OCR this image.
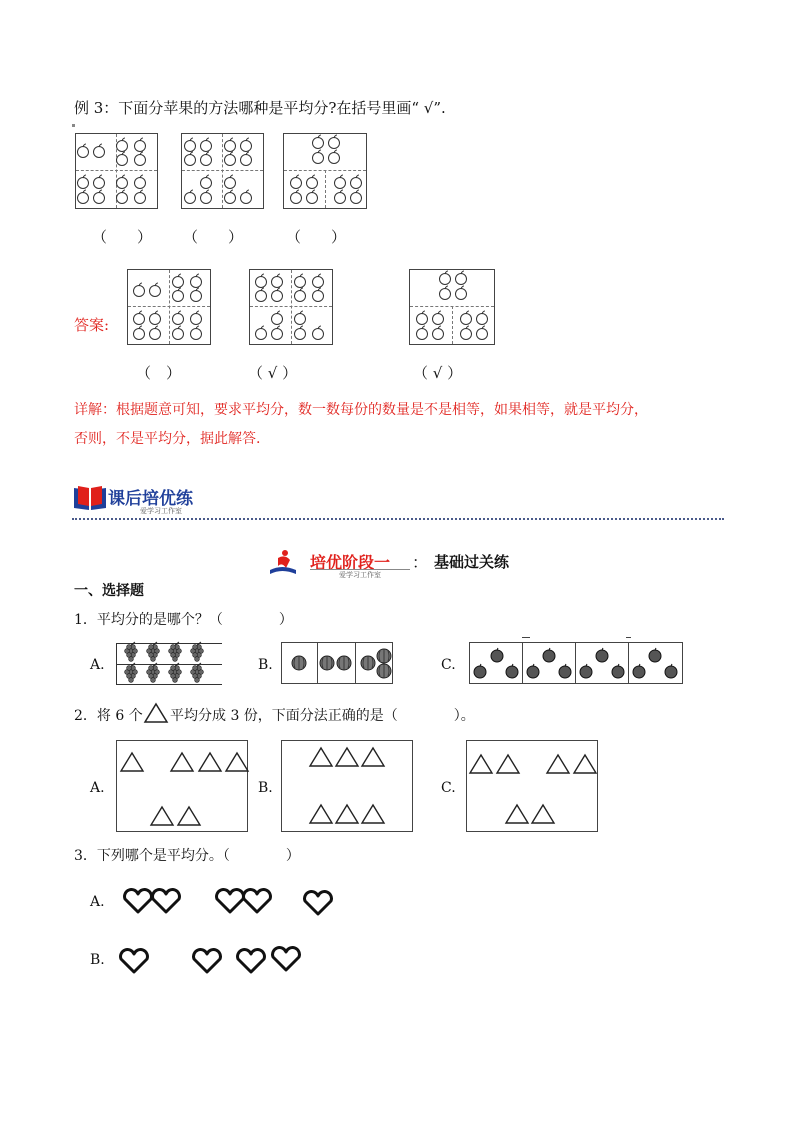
例 3：下面分苹果的方法哪种是平均分?在括号里画“ √”.
（　　） （　　）	（　　）
答案:
（　）	（ √ ）	（ √ ）
详解：根据题意可知，要求平均分，数一数每份的数量是不是相等，如果相等，就是平均分，
否则，不是平均分，据此解答.
课后培优练
爱学习工作室
培优阶段一 ： 基础过关练
爱学习工作室
一、选择题
1．平均分的是哪个？（　　　　）
A.	B.	C.
2．将 6 个 平均分成 3 份，下面分法正确的是（　　　　）。
A.	B.	C.
3．下列哪个是平均分。（　　　　）
A.
B.
